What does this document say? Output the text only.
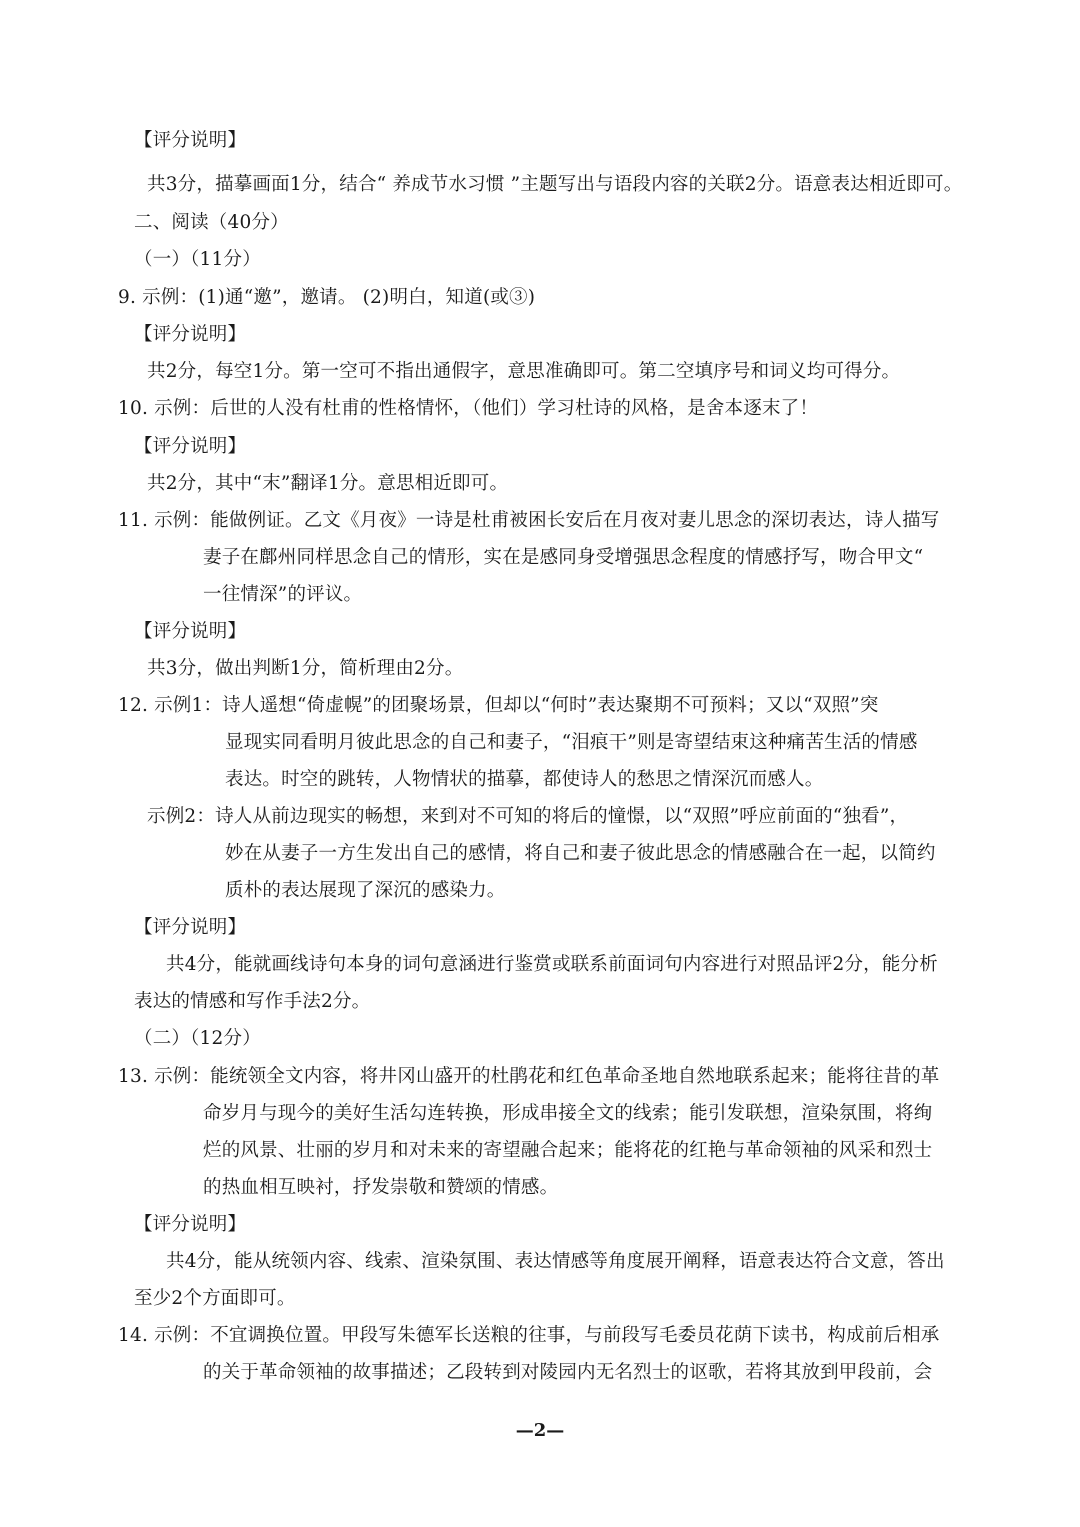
【评分说明】
共3分，描摹画面1分，结合“ 养成节水习惯 ”主题写出与语段内容的关联2分。语意表达相近即可。
二、阅读（40分）
（一）（11分）
9. 示例：(1)通“邀”，邀请。 (2)明白，知道(或③)
【评分说明】
共2分，每空1分。第一空可不指出通假字，意思准确即可。第二空填序号和词义均可得分。
10. 示例：后世的人没有杜甫的性格情怀，（他们）学习杜诗的风格，是舍本逐末了！
【评分说明】
共2分，其中“末”翻译1分。意思相近即可。
11. 示例：能做例证。乙文《月夜》一诗是杜甫被困长安后在月夜对妻儿思念的深切表达，诗人描写
妻子在鄜州同样思念自己的情形，实在是感同身受增强思念程度的情感抒写，吻合甲文“
一往情深”的评议。
【评分说明】
共3分，做出判断1分，简析理由2分。
12. 示例1：诗人遥想“倚虚幌”的团聚场景，但却以“何时”表达聚期不可预料；又以“双照”突
显现实同看明月彼此思念的自己和妻子，“泪痕干”则是寄望结束这种痛苦生活的情感
表达。时空的跳转，人物情状的描摹，都使诗人的愁思之情深沉而感人。
示例2：诗人从前边现实的畅想，来到对不可知的将后的憧憬，以“双照”呼应前面的“独看”，
妙在从妻子一方生发出自己的感情，将自己和妻子彼此思念的情感融合在一起，以简约
质朴的表达展现了深沉的感染力。
【评分说明】
共4分，能就画线诗句本身的词句意涵进行鉴赏或联系前面词句内容进行对照品评2分，能分析
表达的情感和写作手法2分。
（二）（12分）
13. 示例：能统领全文内容，将井冈山盛开的杜鹃花和红色革命圣地自然地联系起来；能将往昔的革
命岁月与现今的美好生活勾连转换，形成串接全文的线索；能引发联想，渲染氛围，将绚
烂的风景、壮丽的岁月和对未来的寄望融合起来；能将花的红艳与革命领袖的风采和烈士
的热血相互映衬，抒发崇敬和赞颂的情感。
【评分说明】
共4分，能从统领内容、线索、渲染氛围、表达情感等角度展开阐释，语意表达符合文意，答出
至少2个方面即可。
14. 示例：不宜调换位置。甲段写朱德军长送粮的往事，与前段写毛委员花荫下读书，构成前后相承
的关于革命领袖的故事描述；乙段转到对陵园内无名烈士的讴歌，若将其放到甲段前，会
—2—
